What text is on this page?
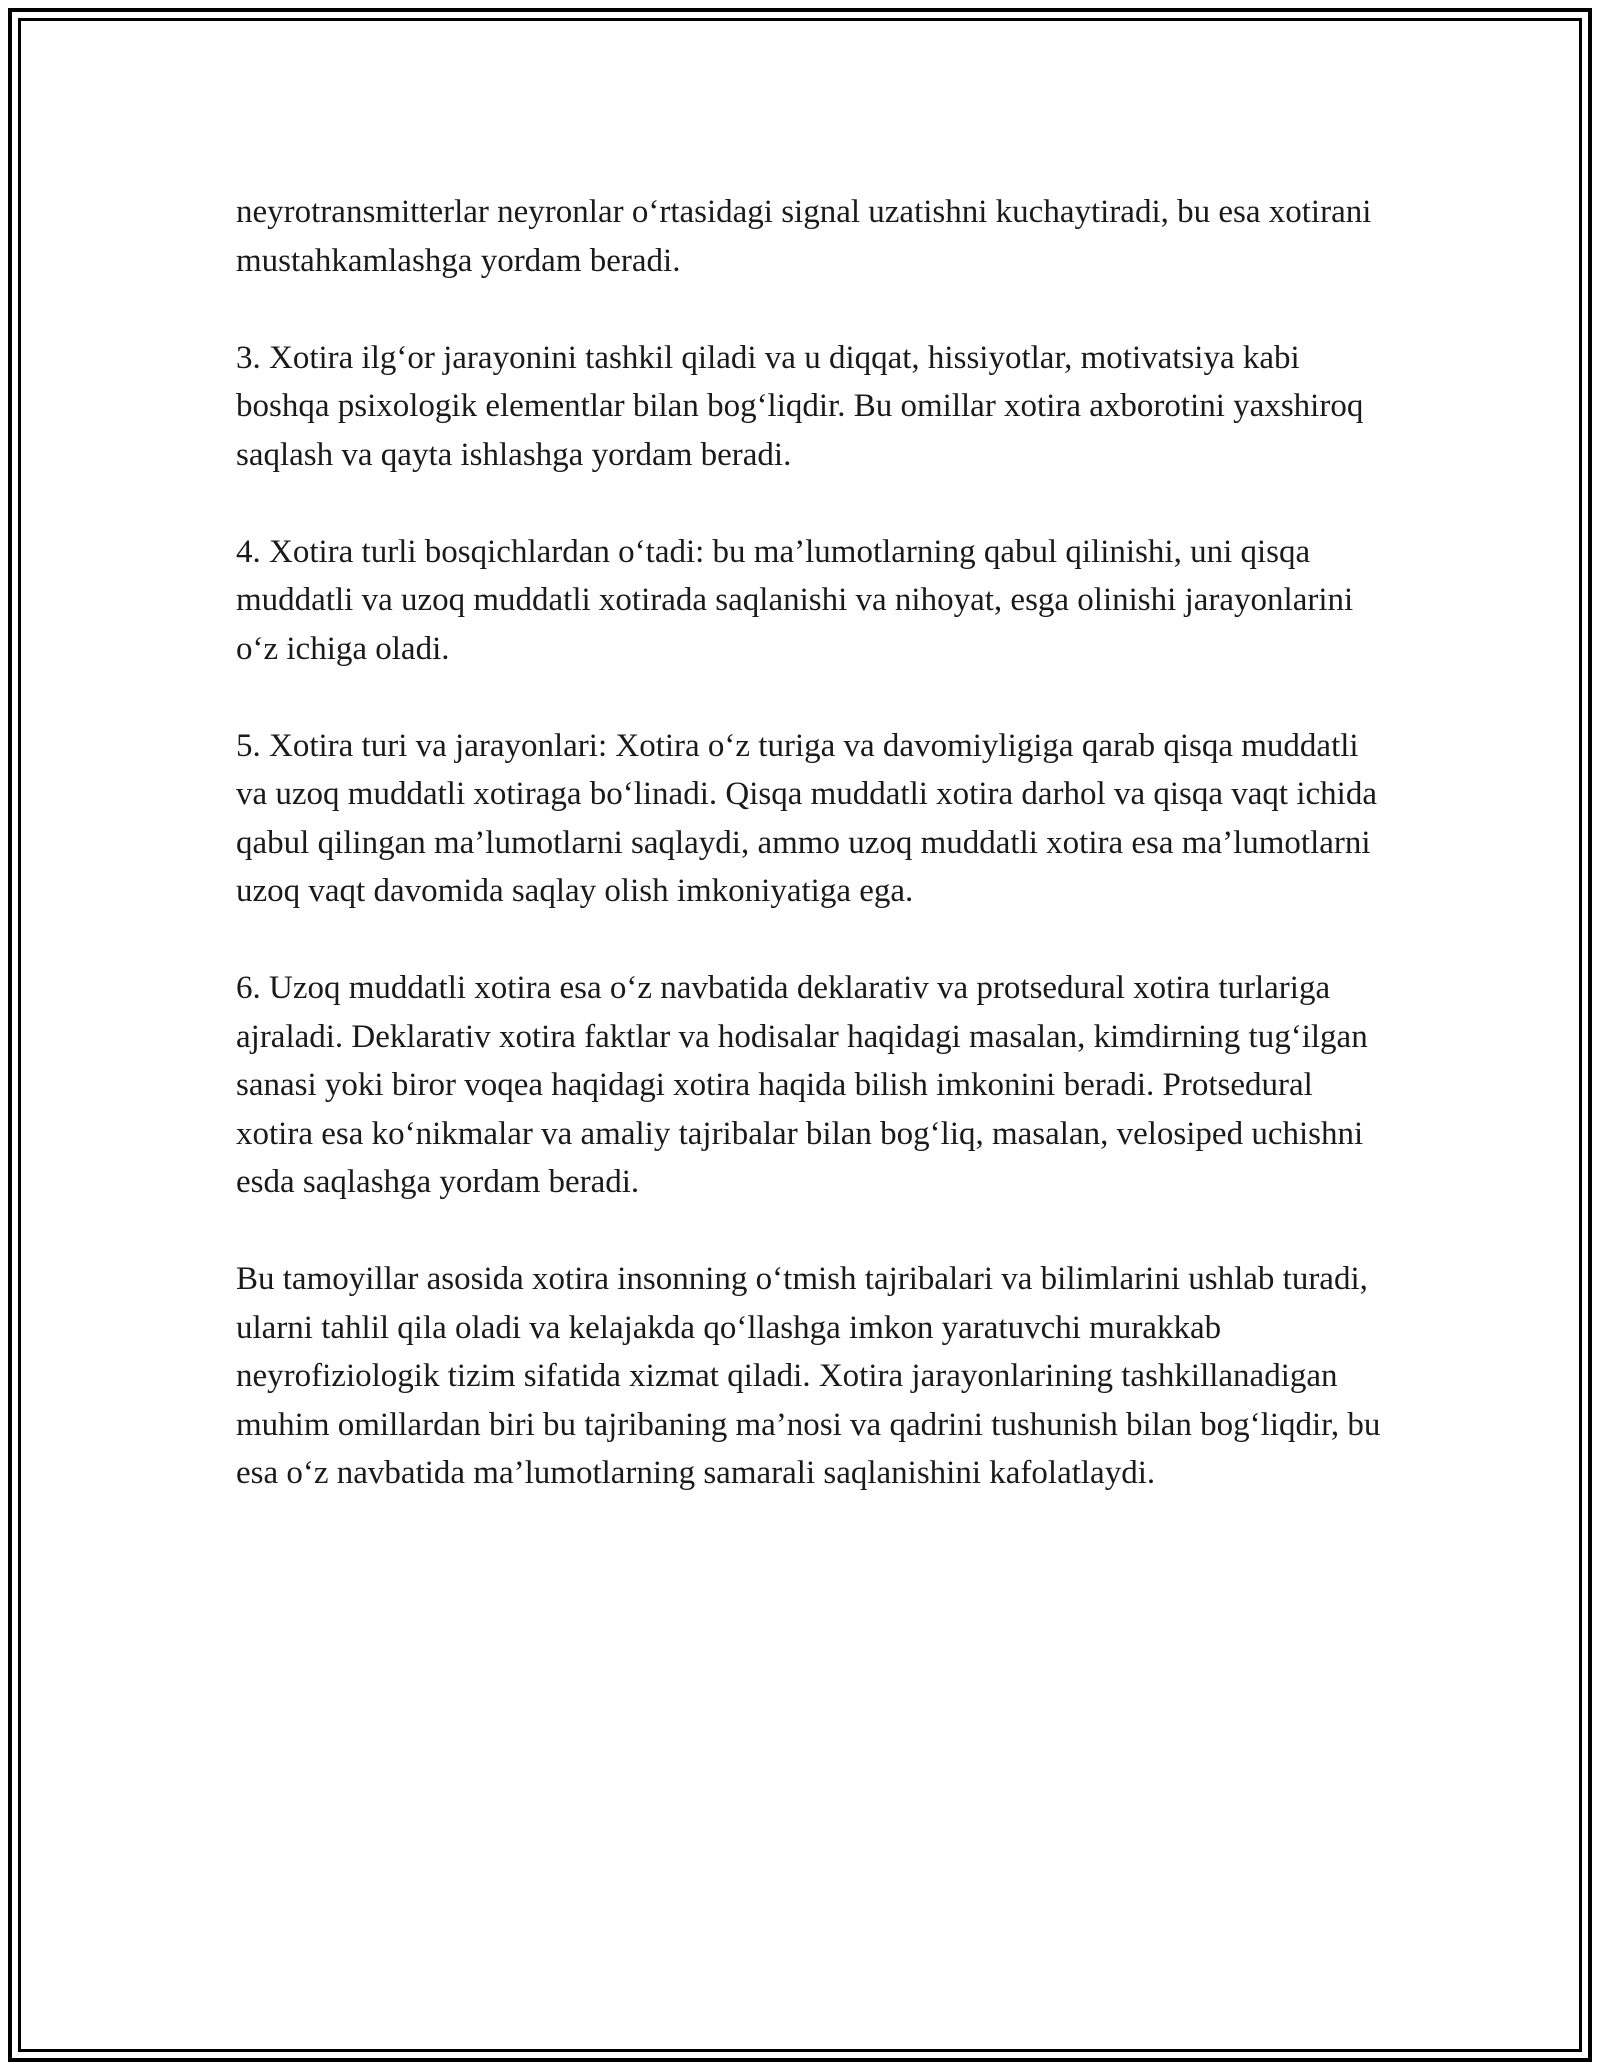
neyrotransmitterlar neyronlar o‘rtasidagi signal uzatishni kuchaytiradi, bu esa xotirani mustahkamlashga yordam beradi.

3. Xotira ilg‘or jarayonini tashkil qiladi va u diqqat, hissiyotlar, motivatsiya kabi boshqa psixologik elementlar bilan bog‘liqdir. Bu omillar xotira axborotini yaxshiroq saqlash va qayta ishlashga yordam beradi.

4. Xotira turli bosqichlardan o‘tadi: bu ma’lumotlarning qabul qilinishi, uni qisqa muddatli va uzoq muddatli xotirada saqlanishi va nihoyat, esga olinishi jarayonlarini o‘z ichiga oladi.

5. Xotira turi va jarayonlari: Xotira o‘z turiga va davomiyligiga qarab qisqa muddatli va uzoq muddatli xotiraga bo‘linadi. Qisqa muddatli xotira darhol va qisqa vaqt ichida qabul qilingan ma’lumotlarni saqlaydi, ammo uzoq muddatli xotira esa ma’lumotlarni uzoq vaqt davomida saqlay olish imkoniyatiga ega.

6. Uzoq muddatli xotira esa o‘z navbatida deklarativ va protsedural xotira turlariga ajraladi. Deklarativ xotira faktlar va hodisalar haqidagi masalan, kimdirning tug‘ilgan sanasi yoki biror voqea haqidagi xotira haqida bilish imkonini beradi. Protsedural xotira esa ko‘nikmalar va amaliy tajribalar bilan bog‘liq, masalan, velosiped uchishni esda saqlashga yordam beradi.

Bu tamoyillar asosida xotira insonning o‘tmish tajribalari va bilimlarini ushlab turadi, ularni tahlil qila oladi va kelajakda qo‘llashga imkon yaratuvchi murakkab neyrofiziologik tizim sifatida xizmat qiladi. Xotira jarayonlarining tashkillanadigan muhim omillardan biri bu tajribaning ma’nosi va qadrini tushunish bilan bog‘liqdir, bu esa o‘z navbatida ma’lumotlarning samarali saqlanishini kafolatlaydi.
